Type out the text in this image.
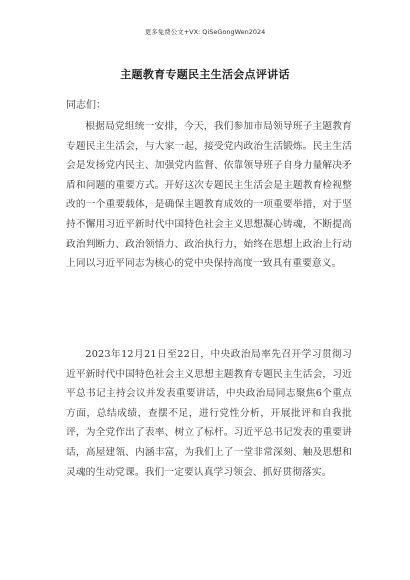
更多免费公文+VX: QiSeGongWen2024
主题教育专题民主生活会点评讲话
同志们：

根据局党组统一安排，今天，我们参加市局领导班子主题教育专题民主生活会，与大家一起，接受党内政治生活锻炼。民主生活会是发扬党内民主、加强党内监督、依靠领导班子自身力量解决矛盾和问题的重要方式。开好这次专题民主生活会是主题教育检视整改的一个重要载体，是确保主题教育成效的一项重要举措，对于坚持不懈用习近平新时代中国特色社会主义思想凝心铸魂，不断提高政治判断力、政治领悟力、政治执行力，始终在思想上政治上行动上同以习近平同志为核心的党中央保持高度一致具有重要意义。

2023年12月21日至22日，中央政治局率先召开学习贯彻习近平新时代中国特色社会主义思想主题教育专题民主生活会，习近平总书记主持会议并发表重要讲话，中央政治局同志聚焦6个重点方面，总结成绩，查摆不足，进行党性分析，开展批评和自我批评，为全党作出了表率、树立了标杆。习近平总书记发表的重要讲话，高屋建瓴、内涵丰富，为我们上了一堂非常深刻、触及思想和灵魂的生动党课。我们一定要认真学习领会、抓好贯彻落实。
